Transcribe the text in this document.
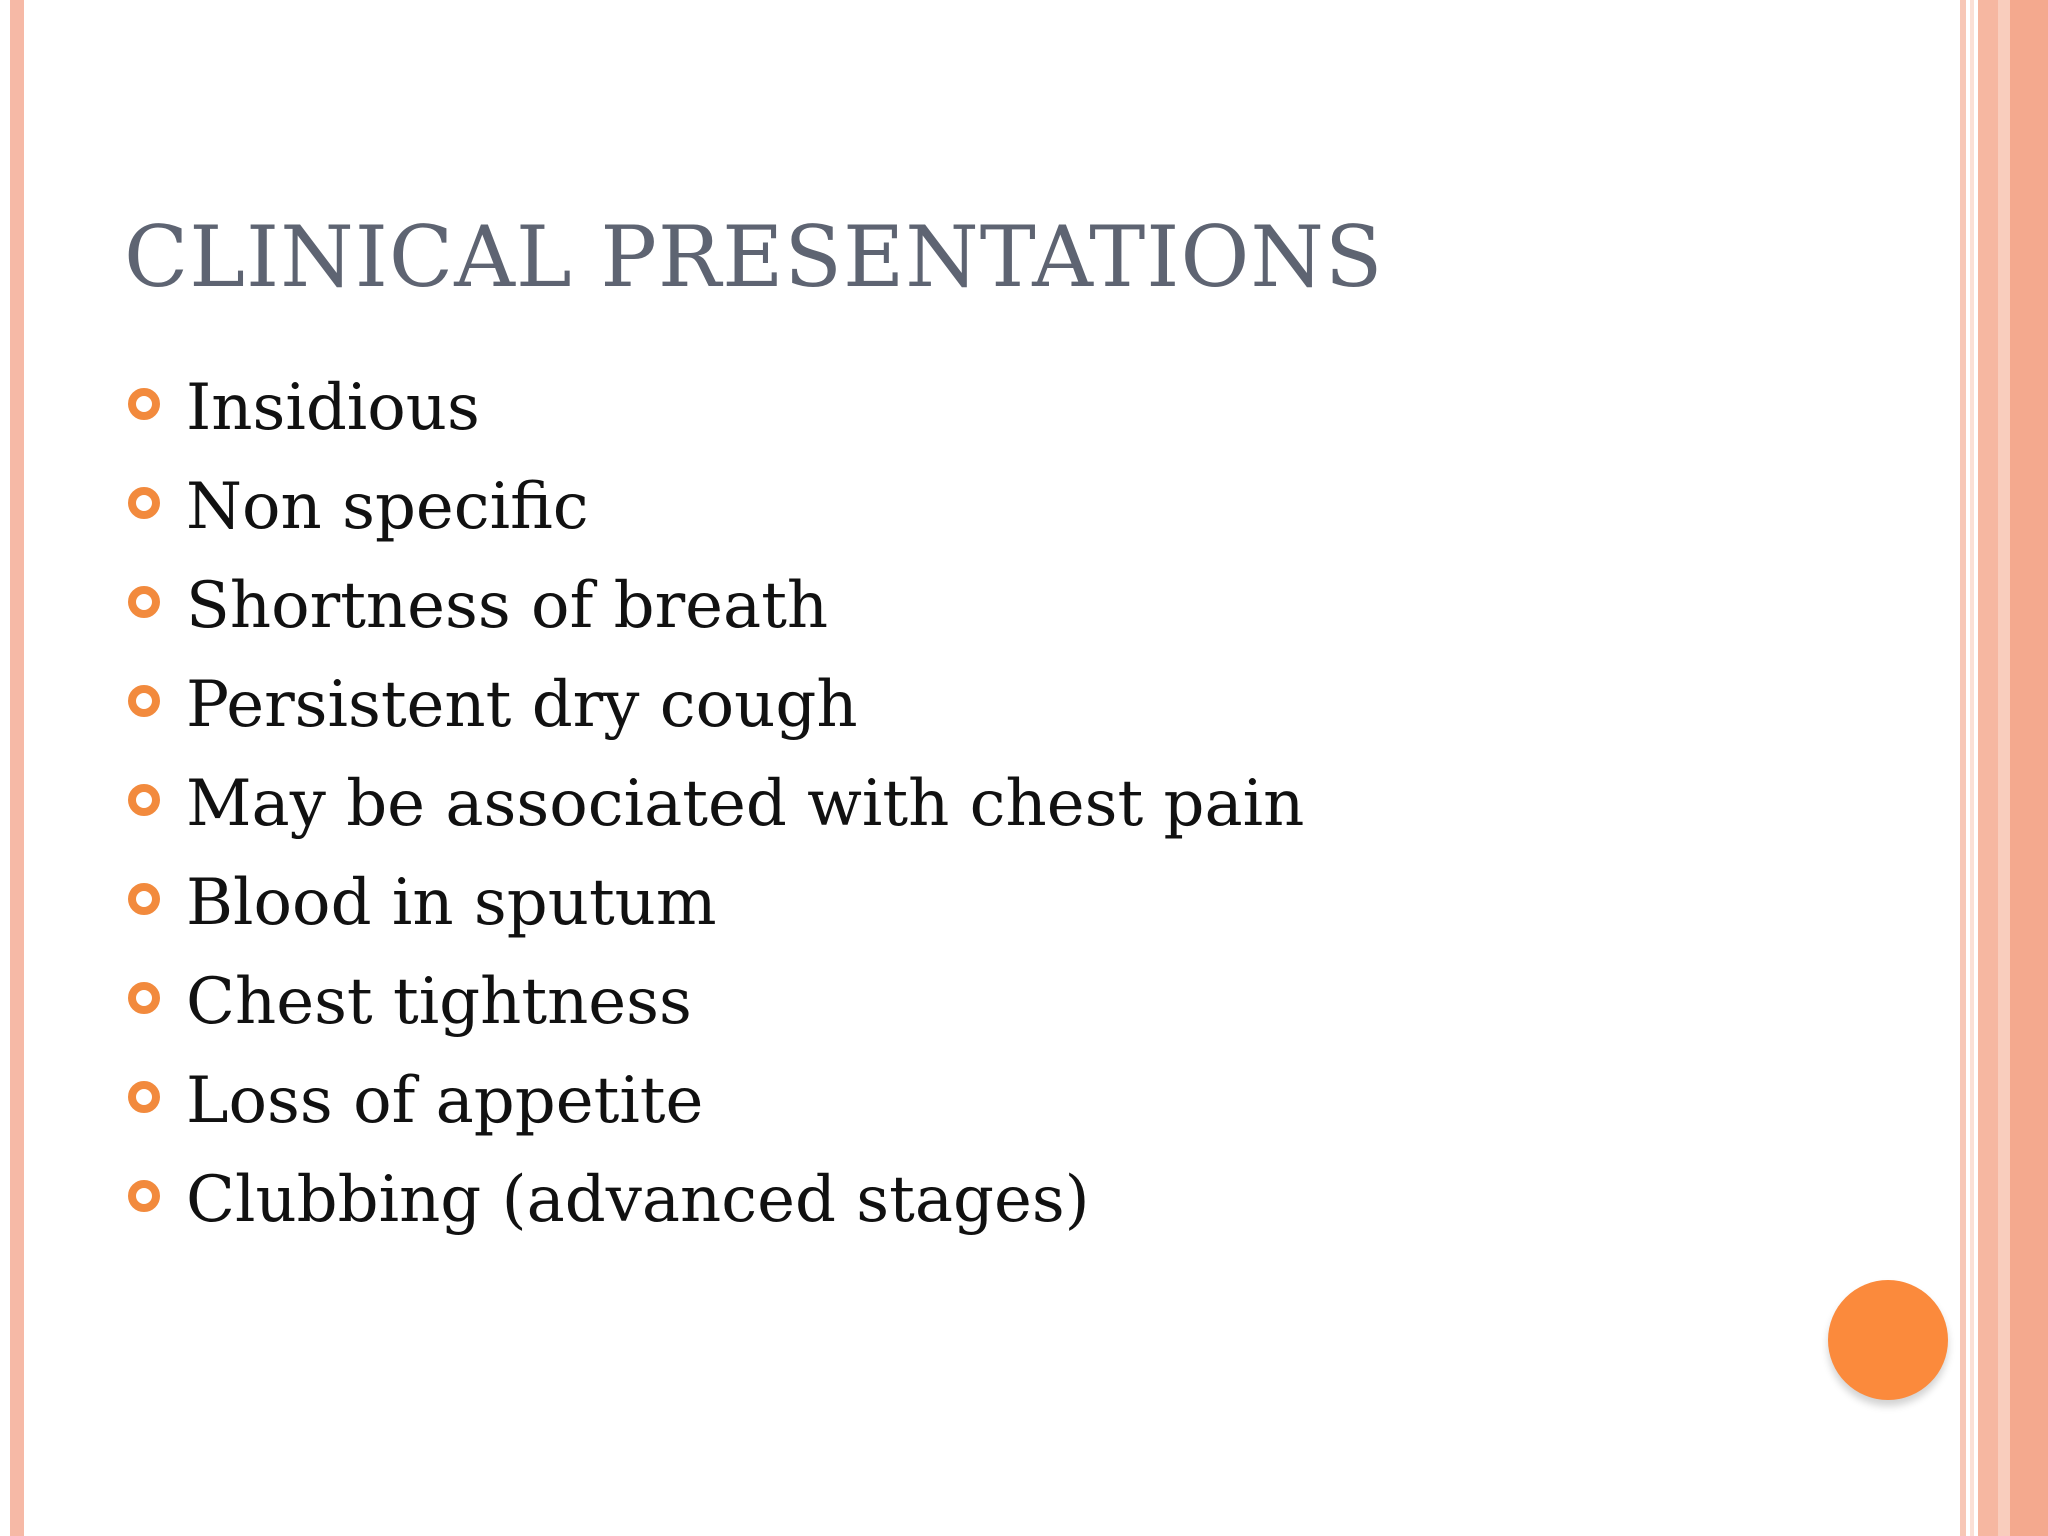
CLINICAL PRESENTATIONS
Insidious
Non specific
Shortness of breath
Persistent dry cough
May be associated with chest pain
Blood in sputum
Chest tightness
Loss of appetite
Clubbing (advanced stages)
